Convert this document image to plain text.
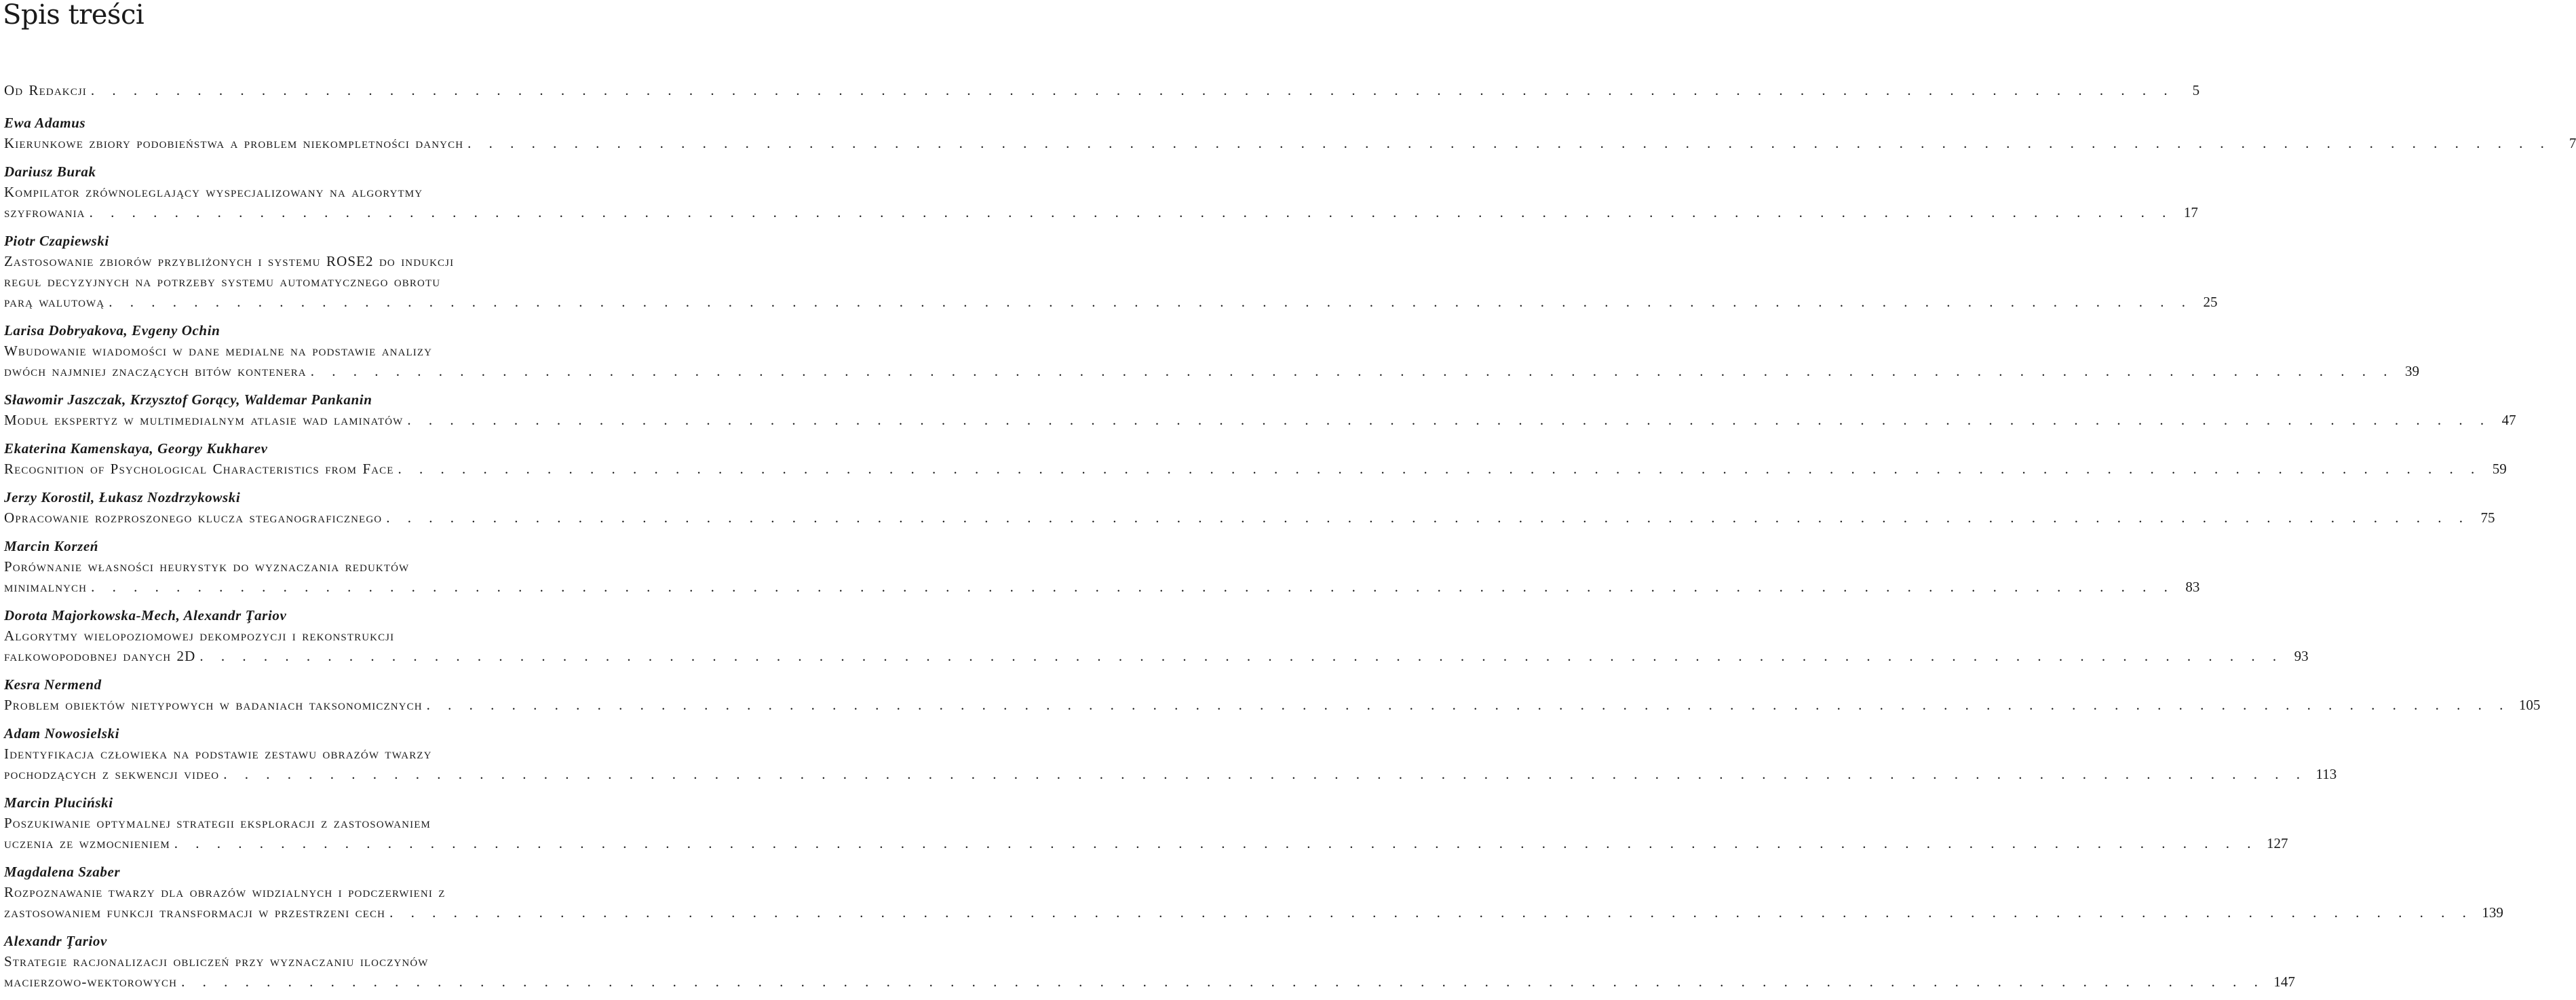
Spis treści
Od Redakcji . . . . . . . . . . . . . . . . . . . . . . . . . . . . . . . . . . . . . . . . . . . . . . . . . . . . . . . . . . . . . . . . . . . . . . . . . . . . . . . . . . . . . . . . . . . . . . . . . .	5
Ewa Adamus
Kierunkowe zbiory podobieństwa a problem niekompletności danych . . . . . . . . . . . . . . . . . . . . . . . . . . . . . . . . . . . . . . . . . . . . . . . . . . . . . . . . . . . . . . . . . . . . . . . . . . . . . . . . . . . . . . . . . . . . . . . . . .	7
Dariusz Burak
Kompilator zrównoleglający wyspecjalizowany na algorytmy
szyfrowania . . . . . . . . . . . . . . . . . . . . . . . . . . . . . . . . . . . . . . . . . . . . . . . . . . . . . . . . . . . . . . . . . . . . . . . . . . . . . . . . . . . . . . . . . . . . . . . . . . 17
Piotr Czapiewski
Zastosowanie zbiorów przybliżonych i systemu ROSE2 do indukcji
reguł decyzyjnych na potrzeby systemu automatycznego obrotu
parą walutową . . . . . . . . . . . . . . . . . . . . . . . . . . . . . . . . . . . . . . . . . . . . . . . . . . . . . . . . . . . . . . . . . . . . . . . . . . . . . . . . . . . . . . . . . . . . . . . . . . 25
Larisa Dobryakova, Evgeny Ochin
Wbudowanie wiadomości w dane medialne na podstawie analizy
dwóch najmniej znaczących bitów kontenera . . . . . . . . . . . . . . . . . . . . . . . . . . . . . . . . . . . . . . . . . . . . . . . . . . . . . . . . . . . . . . . . . . . . . . . . . . . . . . . . . . . . . . . . . . . . . . . . . . 39
Sławomir Jaszczak, Krzysztof Gorący, Waldemar Pankanin
Moduł ekspertyz w multimedialnym atlasie wad laminatów . . . . . . . . . . . . . . . . . . . . . . . . . . . . . . . . . . . . . . . . . . . . . . . . . . . . . . . . . . . . . . . . . . . . . . . . . . . . . . . . . . . . . . . . . . . . . . . . . . 47
Ekaterina Kamenskaya, Georgy Kukharev
Recognition of Psychological Characteristics from Face . . . . . . . . . . . . . . . . . . . . . . . . . . . . . . . . . . . . . . . . . . . . . . . . . . . . . . . . . . . . . . . . . . . . . . . . . . . . . . . . . . . . . . . . . . . . . . . . . . 59
Jerzy Korostil, Łukasz Nozdrzykowski
Opracowanie rozproszonego klucza steganograficznego . . . . . . . . . . . . . . . . . . . . . . . . . . . . . . . . . . . . . . . . . . . . . . . . . . . . . . . . . . . . . . . . . . . . . . . . . . . . . . . . . . . . . . . . . . . . . . . . . . 75
Marcin Korzeń
Porównanie własności heurystyk do wyznaczania reduktów
minimalnych . . . . . . . . . . . . . . . . . . . . . . . . . . . . . . . . . . . . . . . . . . . . . . . . . . . . . . . . . . . . . . . . . . . . . . . . . . . . . . . . . . . . . . . . . . . . . . . . . . 83
Dorota Majorkowska-Mech, Alexandr Ţariov
Algorytmy wielopoziomowej dekompozycji i rekonstrukcji
falkowopodobnej danych 2D . . . . . . . . . . . . . . . . . . . . . . . . . . . . . . . . . . . . . . . . . . . . . . . . . . . . . . . . . . . . . . . . . . . . . . . . . . . . . . . . . . . . . . . . . . . . . . . . . . 93
Kesra Nermend
Problem obiektów nietypowych w badaniach taksonomicznych . . . . . . . . . . . . . . . . . . . . . . . . . . . . . . . . . . . . . . . . . . . . . . . . . . . . . . . . . . . . . . . . . . . . . . . . . . . . . . . . . . . . . . . . . . . . . . . . . . 105
Adam Nowosielski
Identyfikacja człowieka na podstawie zestawu obrazów twarzy
pochodzących z sekwencji video . . . . . . . . . . . . . . . . . . . . . . . . . . . . . . . . . . . . . . . . . . . . . . . . . . . . . . . . . . . . . . . . . . . . . . . . . . . . . . . . . . . . . . . . . . . . . . . . . . 113
Marcin Pluciński
Poszukiwanie optymalnej strategii eksploracji z zastosowaniem
uczenia ze wzmocnieniem . . . . . . . . . . . . . . . . . . . . . . . . . . . . . . . . . . . . . . . . . . . . . . . . . . . . . . . . . . . . . . . . . . . . . . . . . . . . . . . . . . . . . . . . . . . . . . . . . . 127
Magdalena Szaber
Rozpoznawanie twarzy dla obrazów widzialnych i podczerwieni z
zastosowaniem funkcji transformacji w przestrzeni cech . . . . . . . . . . . . . . . . . . . . . . . . . . . . . . . . . . . . . . . . . . . . . . . . . . . . . . . . . . . . . . . . . . . . . . . . . . . . . . . . . . . . . . . . . . . . . . . . . . 139
Alexandr Ţariov
Strategie racjonalizacji obliczeń przy wyznaczaniu iloczynów
macierzowo-wektorowych . . . . . . . . . . . . . . . . . . . . . . . . . . . . . . . . . . . . . . . . . . . . . . . . . . . . . . . . . . . . . . . . . . . . . . . . . . . . . . . . . . . . . . . . . . . . . . . . . . 147
